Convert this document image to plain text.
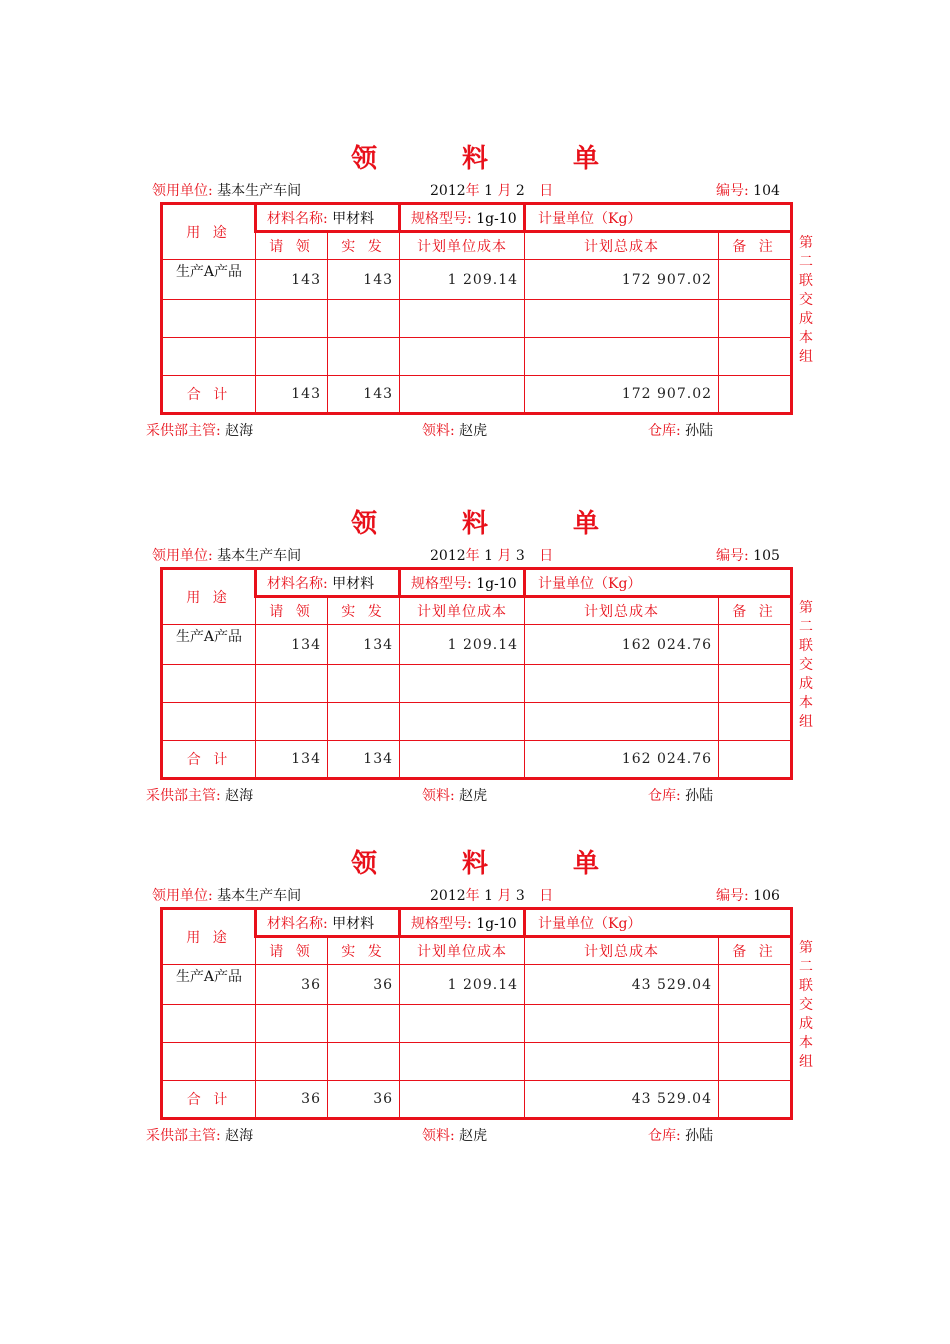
领 料 单
领用单位: 基本生产车间	2012年 1 月 2 日	编号: 104
用 途	材料名称: 甲材料		规格型号: 1g-10	计量单位（Kg）	
	请 领	实 发	计划单位成本	计划总成本	备 注
生产A产品	143	143	1 209.14	172 907.02	

合 计	143	143		172 907.02	
第二联交成本组
采供部主管: 赵海	领料: 赵虎	仓库: 孙陆
领 料 单
领用单位: 基本生产车间	2012年 1 月 3 日	编号: 105
用 途	材料名称: 甲材料		规格型号: 1g-10	计量单位（Kg）	
	请 领	实 发	计划单位成本	计划总成本	备 注
生产A产品	134	134	1 209.14	162 024.76	

合 计	134	134		162 024.76	
第二联交成本组
采供部主管: 赵海	领料: 赵虎	仓库: 孙陆
领 料 单
领用单位: 基本生产车间	2012年 1 月 3 日	编号: 106
用 途	材料名称: 甲材料		规格型号: 1g-10	计量单位（Kg）	
	请 领	实 发	计划单位成本	计划总成本	备 注
生产A产品	36	36	1 209.14	43 529.04	

合 计	36	36		43 529.04	
第二联交成本组
采供部主管: 赵海	领料: 赵虎	仓库: 孙陆
